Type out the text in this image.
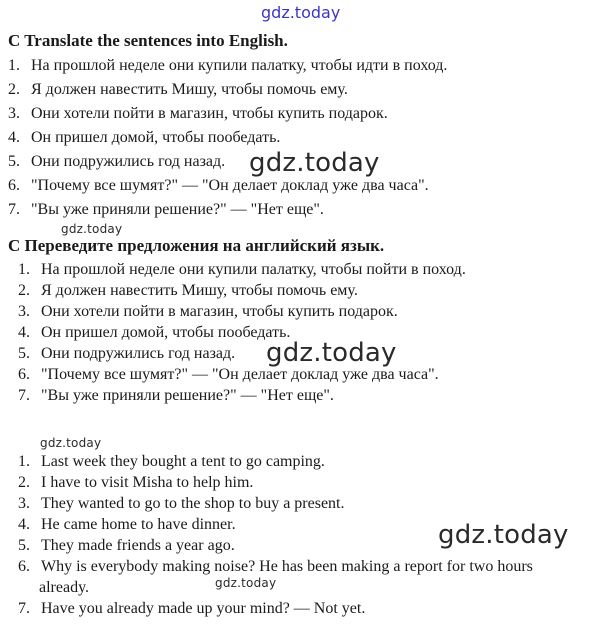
gdz.today
C Translate the sentences into English.
1. На прошлой неделе они купили палатку, чтобы идти в поход.
2. Я должен навестить Мишу, чтобы помочь ему.
3. Они хотели пойти в магазин, чтобы купить подарок.
4. Он пришел домой, чтобы пообедать.
5. Они подружились год назад. gdz.today
6. "Почему все шумят?" — "Он делает доклад уже два часа".
7. "Вы уже приняли решение?" — "Нет еще".
gdz.today
С Переведите предложения на английский язык.
1. На прошлой неделе они купили палатку, чтобы пойти в поход.
2. Я должен навестить Мишу, чтобы помочь ему.
3. Они хотели пойти в магазин, чтобы купить подарок.
4. Он пришел домой, чтобы пообедать.
5. Они подружились год назад. gdz.today
6. "Почему все шумят?" — "Он делает доклад уже два часа".
7. "Вы уже приняли решение?" — "Нет еще".
gdz.today
1. Last week they bought a tent to go camping.
2. I have to visit Misha to help him.
3. They wanted to go to the shop to buy a present.
4. He came home to have dinner.	gdz.today
5. They made friends a year ago.
6. Why is everybody making noise? He has been making a report for two hours
already.	gdz.today
7. Have you already made up your mind? — Not yet.
